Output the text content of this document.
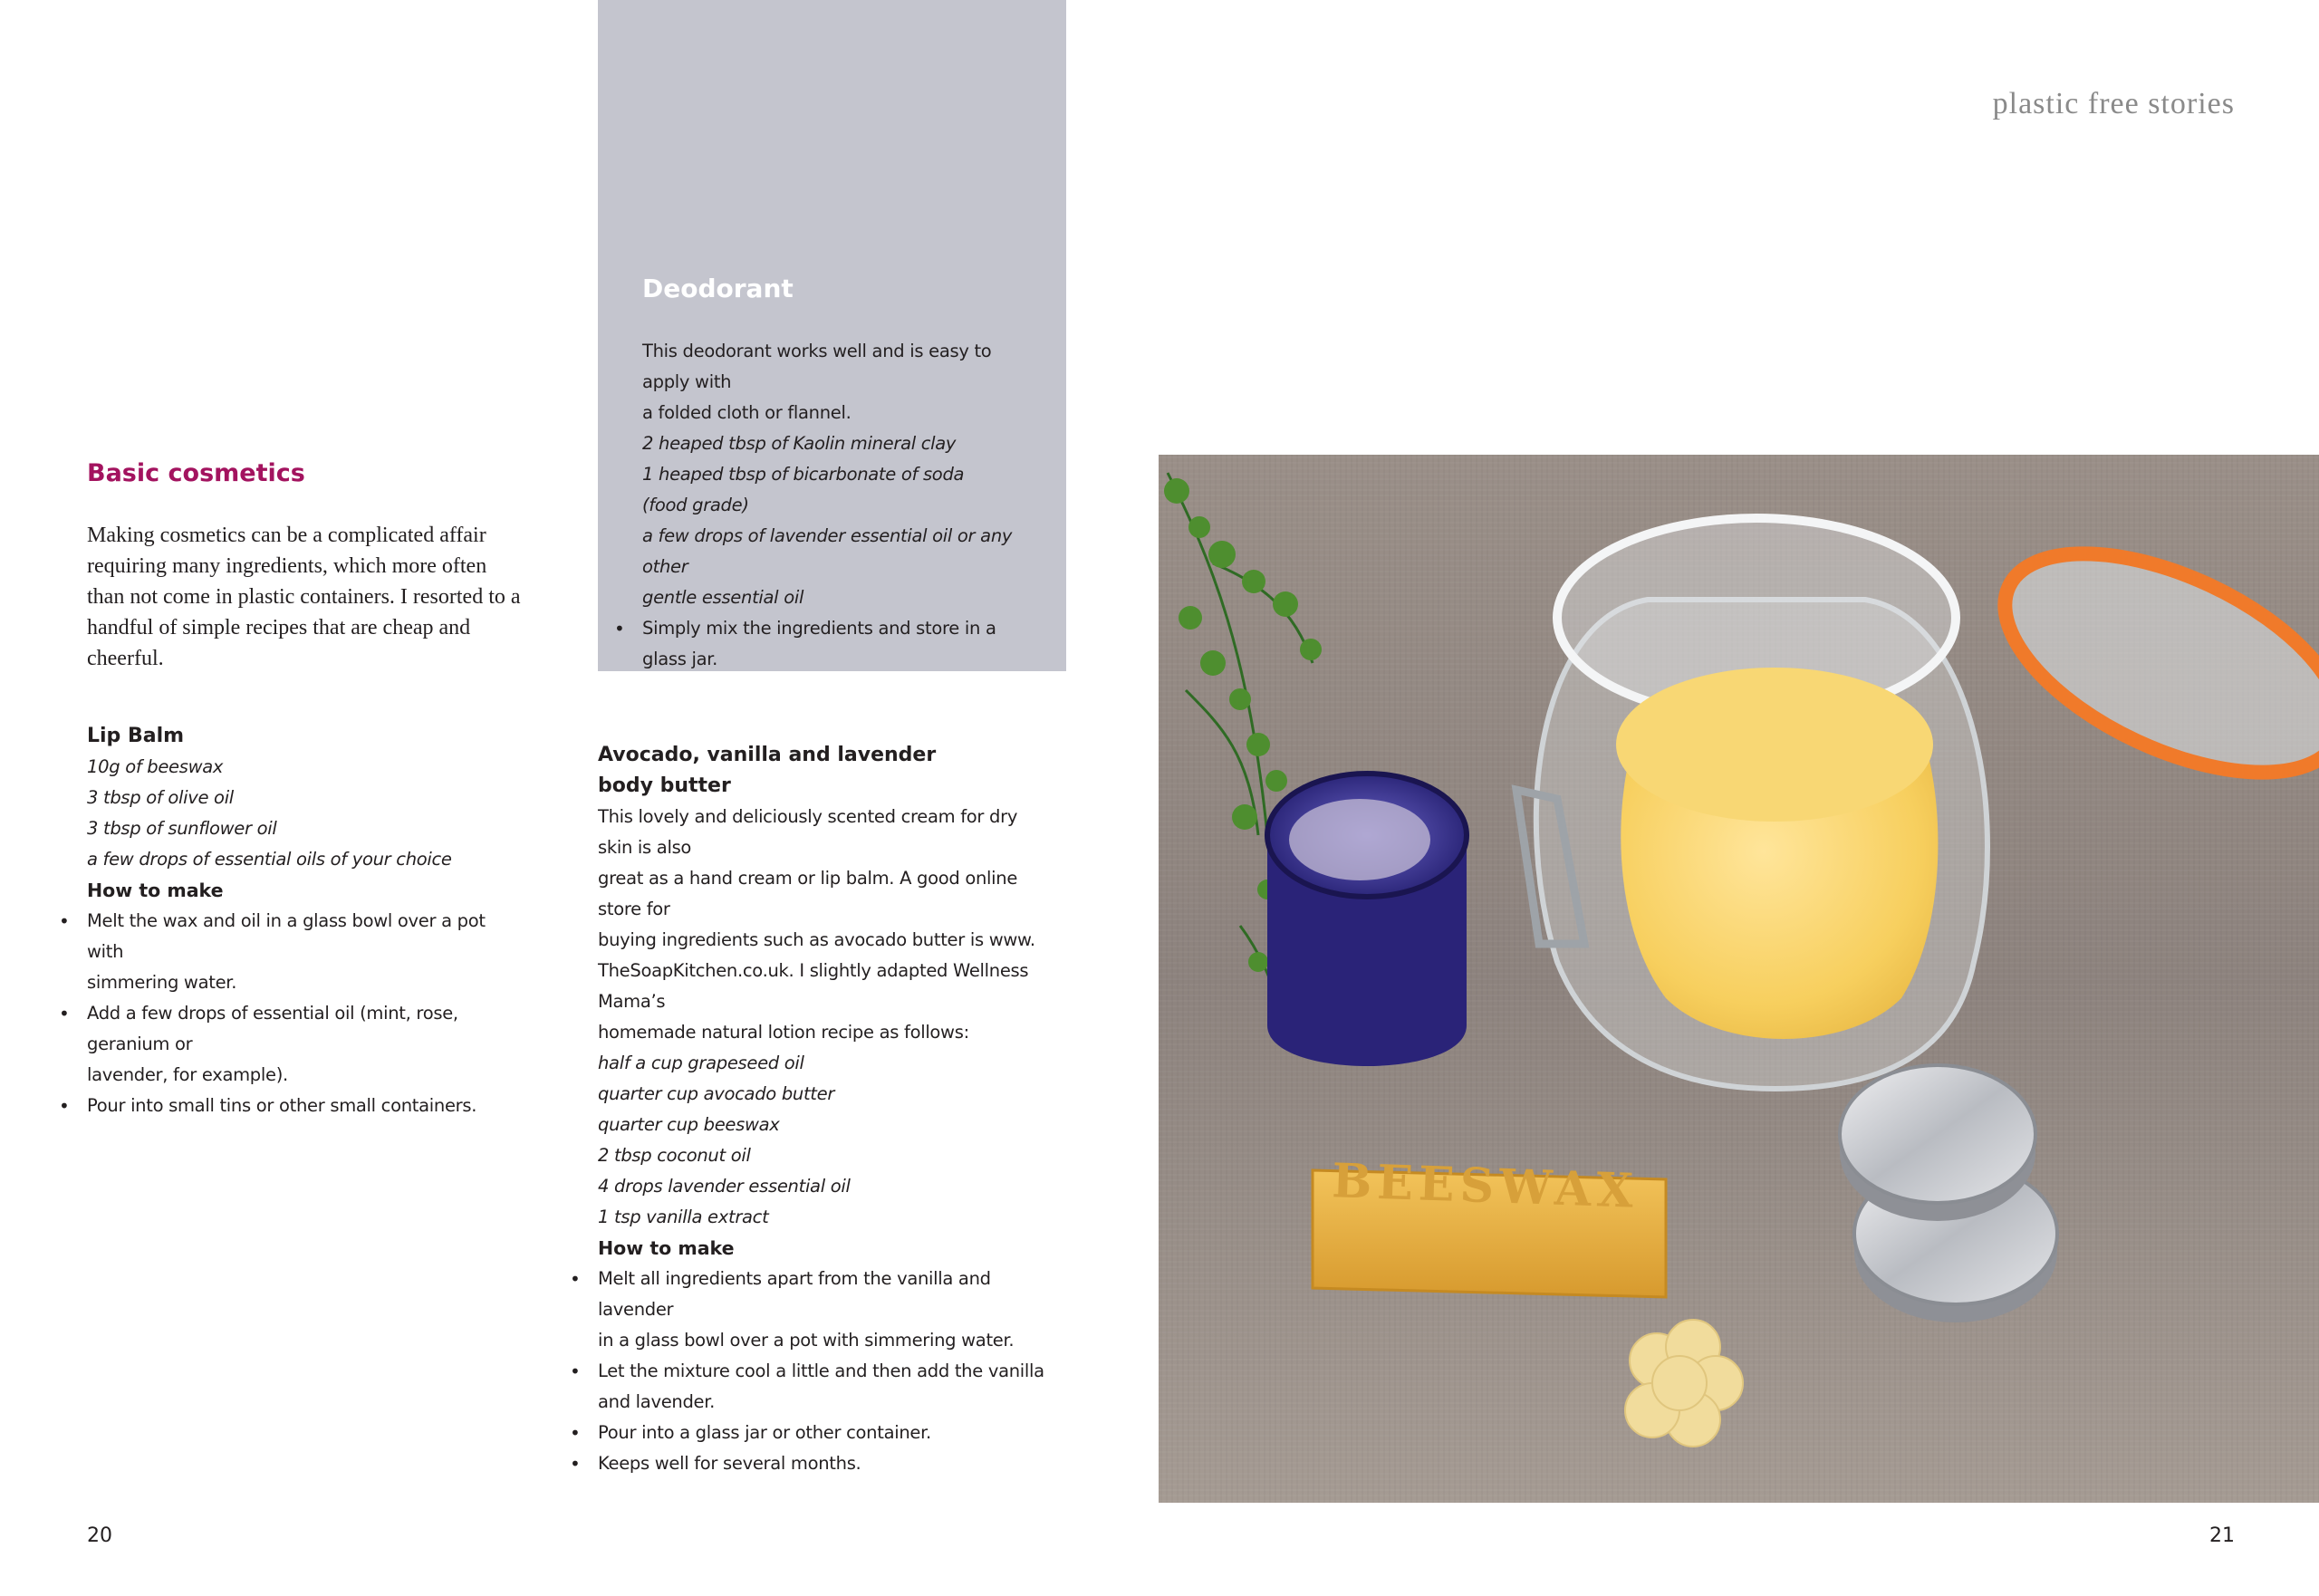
plastic free stories
Deodorant

This deodorant works well and is easy to apply with

a folded cloth or flannel.

2 heaped tbsp of Kaolin mineral clay

1 heaped tbsp of bicarbonate of soda

(food grade)

a few drops of lavender essential oil or any other

gentle essential oil

• Simply mix the ingredients and store in a
glass jar.
Basic cosmetics

Making cosmetics can be a complicated affair requiring many ingredients, which more often than not come in plastic containers. I resorted to a handful of simple recipes that are cheap and cheerful.

Lip Balm

10g of beeswax

3 tbsp of olive oil

3 tbsp of sunflower oil

a few drops of essential oils of your choice

How to make

• Melt the wax and oil in a glass bowl over a pot with
simmering water.
• Add a few drops of essential oil (mint, rose, geranium or
lavender, for example).
• Pour into small tins or other small containers.

Avocado, vanilla and lavender
body butter

This lovely and deliciously scented cream for dry skin is also

great as a hand cream or lip balm. A good online store for

buying ingredients such as avocado butter is www.

TheSoapKitchen.co.uk. I slightly adapted Wellness Mama’s

homemade natural lotion recipe as follows:

half a cup grapeseed oil

quarter cup avocado butter

quarter cup beeswax

2 tbsp coconut oil

4 drops lavender essential oil

1 tsp vanilla extract

How to make

• Melt all ingredients apart from the vanilla and lavender
in a glass bowl over a pot with simmering water.
• Let the mixture cool a little and then add the vanilla
and lavender.
• Pour into a glass jar or other container.
• Keeps well for several months.
BEESWAX
20	21
